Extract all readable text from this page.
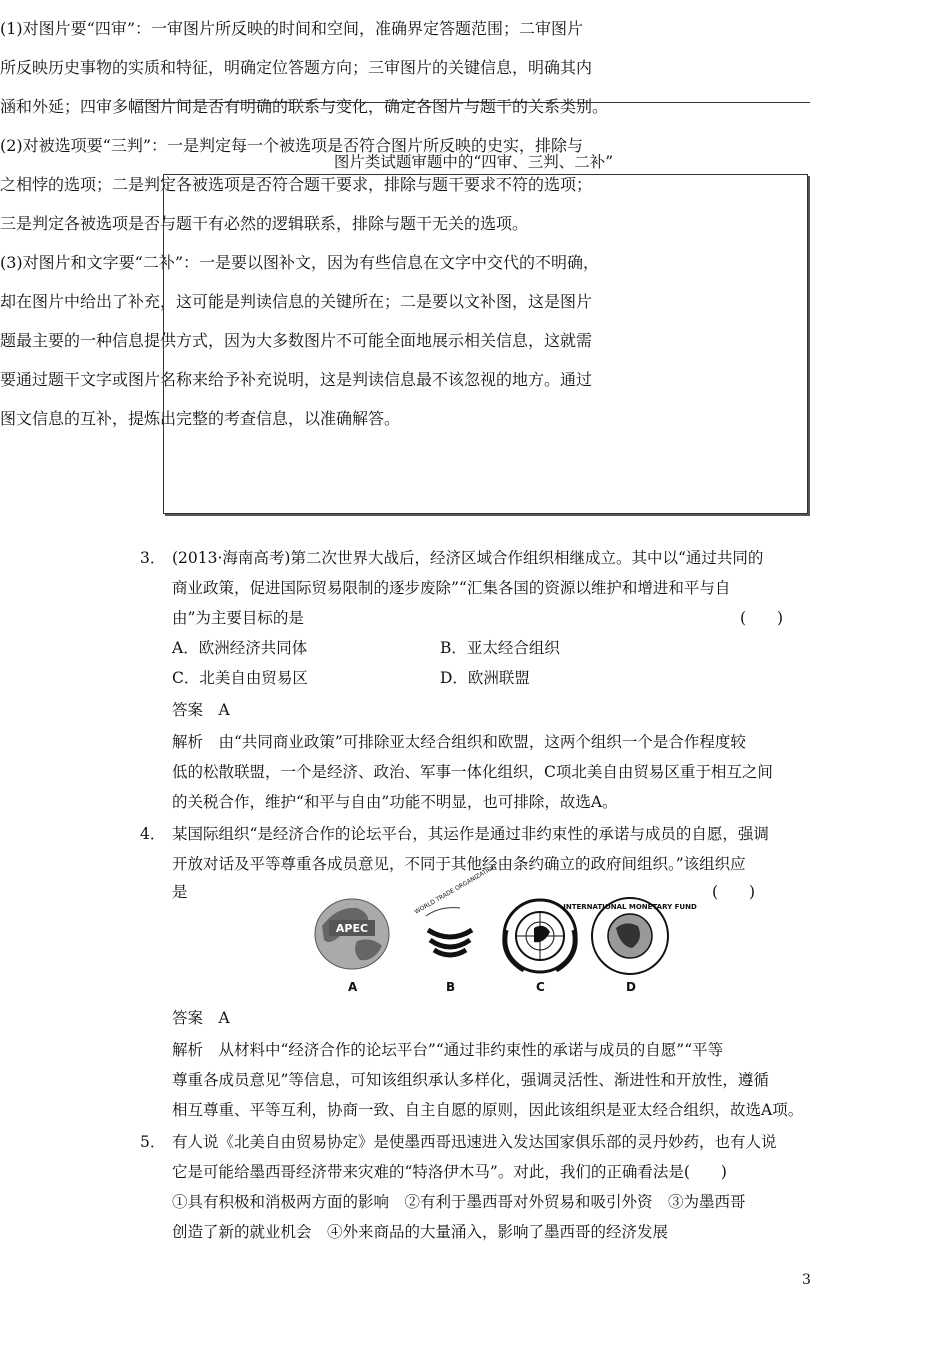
图片类试题审题中的“四审、三判、二补”

(1)对图片要“四审”：一审图片所反映的时间和空间，准确界定答题范围；二审图片

所反映历史事物的实质和特征，明确定位答题方向；三审图片的关键信息，明确其内

涵和外延；四审多幅图片间是否有明确的联系与变化，确定各图片与题干的关系类别。

(2)对被选项要“三判”：一是判定每一个被选项是否符合图片所反映的史实，排除与

之相悖的选项；二是判定各被选项是否符合题干要求，排除与题干要求不符的选项；

三是判定各被选项是否与题干有必然的逻辑联系，排除与题干无关的选项。

(3)对图片和文字要“二补”：一是要以图补文，因为有些信息在文字中交代的不明确，

却在图片中给出了补充，这可能是判读信息的关键所在；二是要以文补图，这是图片

题最主要的一种信息提供方式，因为大多数图片不可能全面地展示相关信息，这就需

要通过题干文字或图片名称来给予补充说明，这是判读信息最不该忽视的地方。通过

图文信息的互补，提炼出完整的考查信息，以准确解答。

3． (2013·海南高考)第二次世界大战后，经济区域合作组织相继成立。其中以“通过共同的
商业政策，促进国际贸易限制的逐步废除”“汇集各国的资源以维护和增进和平与自
由”为主要目标的是	(　　)
A．欧洲经济共同体	B．亚太经合组织
C．北美自由贸易区	D．欧洲联盟
答案　A
解析　由“共同商业政策”可排除亚太经合组织和欧盟，这两个组织一个是合作程度较
低的松散联盟，一个是经济、政治、军事一体化组织，C项北美自由贸易区重于相互之间
的关税合作，维护“和平与自由”功能不明显，也可排除，故选A。
4． 某国际组织“是经济合作的论坛平台，其运作是通过非约束性的承诺与成员的自愿，强调
开放对话及平等尊重各成员意见，不同于其他经由条约确立的政府间组织。”该组织应
是	(　　)
APEC
WORLD TRADE ORGANIZATION	INTERNATIONAL MONETARY FUND
A	B	C	D
答案　A
解析　从材料中“经济合作的论坛平台”“通过非约束性的承诺与成员的自愿”“平等
尊重各成员意见”等信息，可知该组织承认多样化，强调灵活性、渐进性和开放性，遵循
相互尊重、平等互利，协商一致、自主自愿的原则，因此该组织是亚太经合组织，故选A项。
5． 有人说《北美自由贸易协定》是使墨西哥迅速进入发达国家俱乐部的灵丹妙药，也有人说
它是可能给墨西哥经济带来灾难的“特洛伊木马”。对此，我们的正确看法是(　　)
①具有积极和消极两方面的影响　②有利于墨西哥对外贸易和吸引外资　③为墨西哥
创造了新的就业机会　④外来商品的大量涌入，影响了墨西哥的经济发展
3
